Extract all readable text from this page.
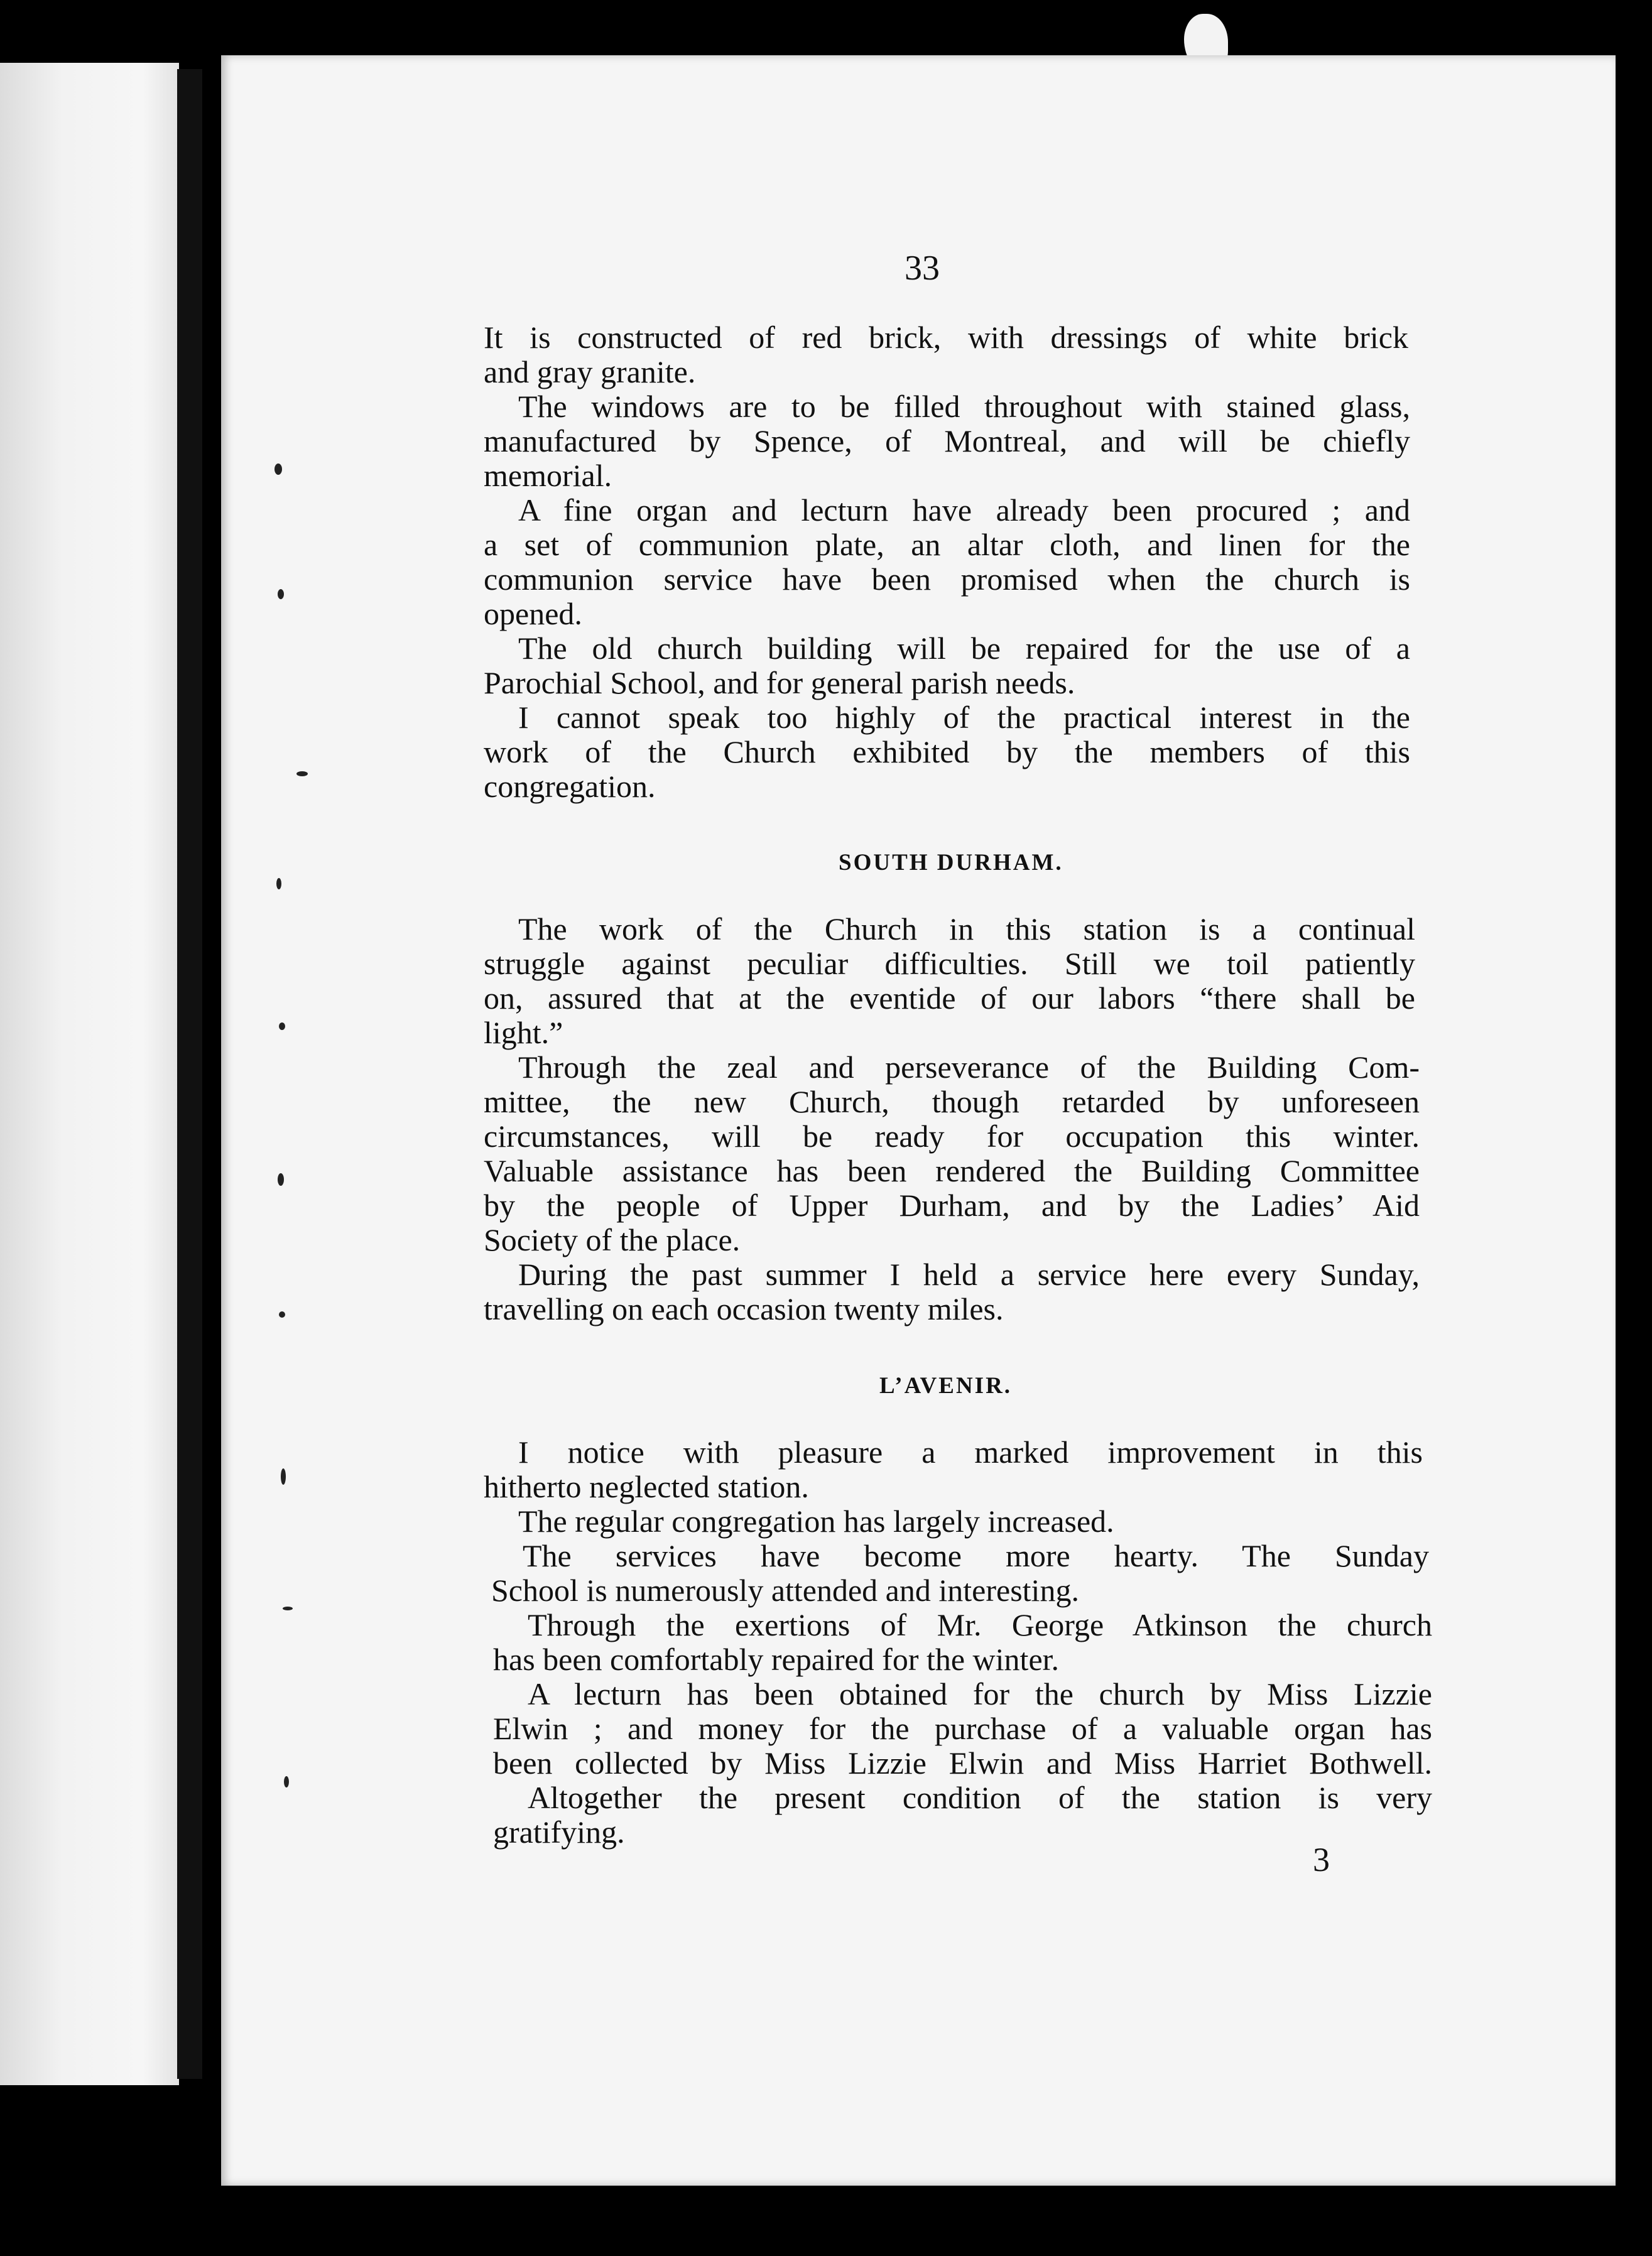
It is constructed of red brick, with dressings of white brick
and gray granite.
The windows are to be filled throughout with stained glass,
manufactured by Spence, of Montreal, and will be chiefly
memorial.
A fine organ and lecturn have already been procured ; and
a set of communion plate, an altar cloth, and linen for the
communion service have been promised when the church is
opened.
The old church building will be repaired for the use of a
Parochial School, and for general parish needs.
I cannot speak too highly of the practical interest in the
work of the Church exhibited by the members of this
congregation.
SOUTH DURHAM.
The work of the Church in this station is a continual
struggle against peculiar difficulties. Still we toil patiently
on, assured that at the eventide of our labors “there shall be
light.”
Through the zeal and perseverance of the Building Com-
mittee, the new Church, though retarded by unforeseen
circumstances, will be ready for occupation this winter.
Valuable assistance has been rendered the Building Committee
by the people of Upper Durham, and by the Ladies’ Aid
Society of the place.
During the past summer I held a service here every Sunday,
travelling on each occasion twenty miles.
L’AVENIR.
I notice with pleasure a marked improvement in this
hitherto neglected station.
The regular congregation has largely increased.
The services have become more hearty. The Sunday
School is numerously attended and interesting.
Through the exertions of Mr. George Atkinson the church
has been comfortably repaired for the winter.
A lecturn has been obtained for the church by Miss Lizzie
Elwin ; and money for the purchase of a valuable organ has
been collected by Miss Lizzie Elwin and Miss Harriet Bothwell.
Altogether the present condition of the station is very
gratifying.
33
3
